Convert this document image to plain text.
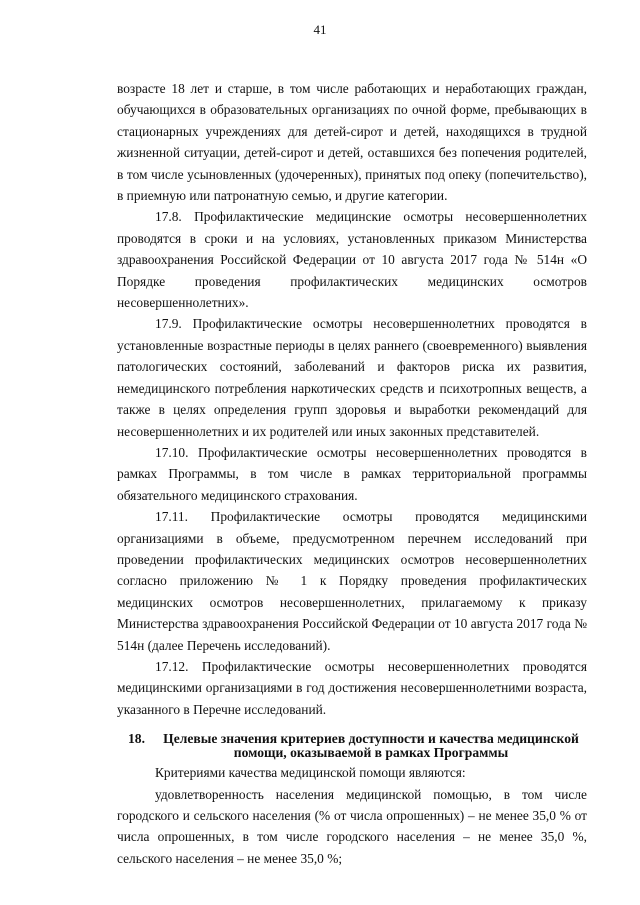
41

возрасте 18 лет и старше, в том числе работающих и неработающих граждан, обучающихся в образовательных организациях по очной форме, пребывающих в стационарных учреждениях для детей-сирот и детей, находящихся в трудной жизненной ситуации, детей-сирот и детей, оставшихся без попечения родителей, в том числе усыновленных (удочеренных), принятых под опеку (попечительство), в приемную или патронатную семью, и другие категории.

17.8. Профилактические медицинские осмотры несовершеннолетних проводятся в сроки и на условиях, установленных приказом Министерства здравоохранения Российской Федерации от 10 августа 2017 года № 514н «О Порядке проведения профилактических медицинских осмотров несовершеннолетних».

17.9. Профилактические осмотры несовершеннолетних проводятся в установленные возрастные периоды в целях раннего (своевременного) выявления патологических состояний, заболеваний и факторов риска их развития, немедицинского потребления наркотических средств и психотропных веществ, а также в целях определения групп здоровья и выработки рекомендаций для несовершеннолетних и их родителей или иных законных представителей.

17.10. Профилактические осмотры несовершеннолетних проводятся в рамках Программы, в том числе в рамках территориальной программы обязательного медицинского страхования.

17.11. Профилактические осмотры проводятся медицинскими организациями в объеме, предусмотренном перечнем исследований при проведении профилактических медицинских осмотров несовершеннолетних согласно приложению № 1 к Порядку проведения профилактических медицинских осмотров несовершеннолетних, прилагаемому к приказу Министерства здравоохранения Российской Федерации от 10 августа 2017 года № 514н (далее Перечень исследований).

17.12. Профилактические осмотры несовершеннолетних проводятся медицинскими организациями в год достижения несовершеннолетними возраста, указанного в Перечне исследований.

18.	Целевые значения критериев доступности и качества медицинской
помощи, оказываемой в рамках Программы

Критериями качества медицинской помощи являются:

удовлетворенность населения медицинской помощью, в том числе городского и сельского населения (% от числа опрошенных) – не менее 35,0 % от числа опрошенных, в том числе городского населения – не менее 35,0 %, сельского населения – не менее 35,0 %;
